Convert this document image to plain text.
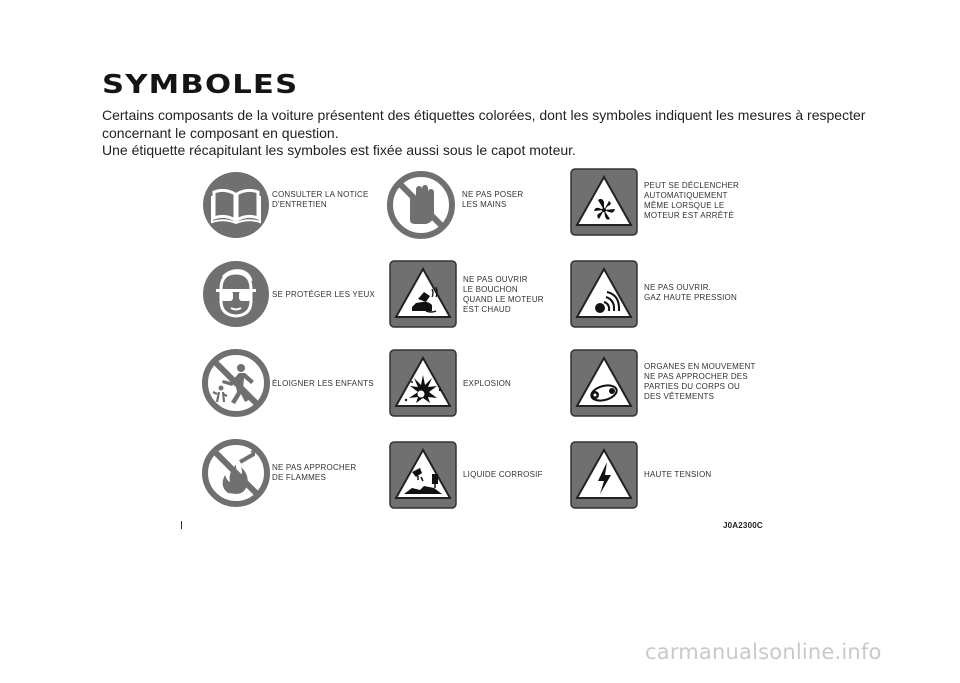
SYMBOLES
Certains composants de la voiture présentent des étiquettes colorées, dont les symboles indiquent les mesures à respecter
concernant le composant en question.
Une étiquette récapitulant les symboles est fixée aussi sous le capot moteur.
CONSULTER LA NOTICE
D'ENTRETIEN
NE PAS POSER
LES MAINS
PEUT SE DÉCLENCHER
AUTOMATIQUEMENT
MÊME LORSQUE LE
MOTEUR EST ARRÊTÉ
SE PROTÉGER LES YEUX
NE PAS OUVRIR
LE BOUCHON
QUAND LE MOTEUR
EST CHAUD
NE PAS OUVRIR.
GAZ HAUTE PRESSION
ÉLOIGNER LES ENFANTS	EXPLOSION
ORGANES EN MOUVEMENT
NE PAS APPROCHER DES
PARTIES DU CORPS OU
DES VÊTEMENTS
NE PAS APPROCHER
DE FLAMMES	LIQUIDE CORROSIF	HAUTE TENSION
J0A2300C
carmanualsonline.info
